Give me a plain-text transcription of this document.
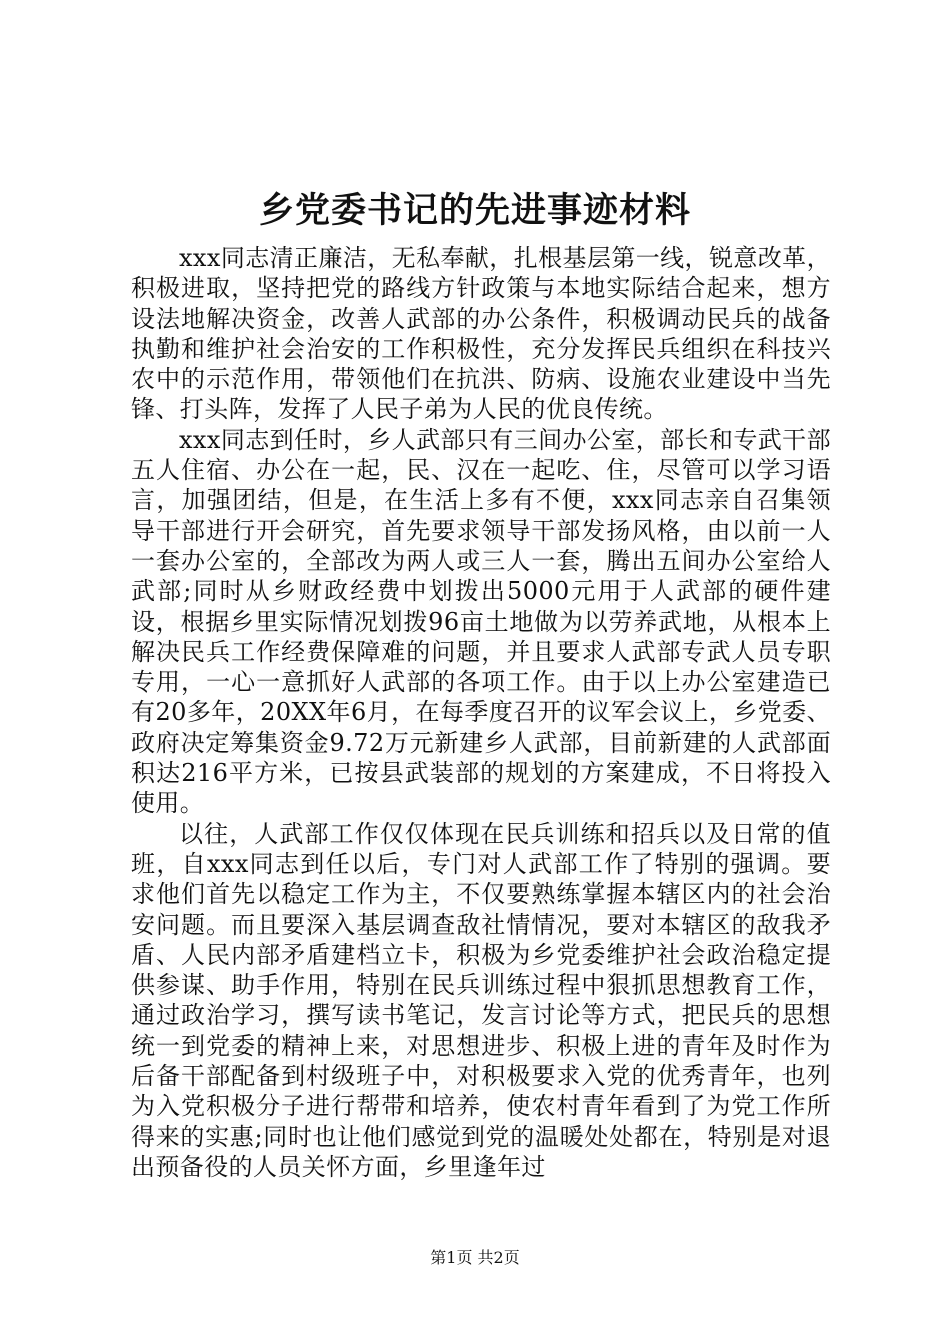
乡党委书记的先进事迹材料

xxx同志清正廉洁，无私奉献，扎根基层第一线，锐意改革，积极进取，坚持把党的路线方针政策与本地实际结合起来，想方设法地解决资金，改善人武部的办公条件，积极调动民兵的战备执勤和维护社会治安的工作积极性，充分发挥民兵组织在科技兴农中的示范作用，带领他们在抗洪、防病、设施农业建设中当先锋、打头阵，发挥了人民子弟为人民的优良传统。

xxx同志到任时，乡人武部只有三间办公室，部长和专武干部五人住宿、办公在一起，民、汉在一起吃、住，尽管可以学习语言，加强团结，但是，在生活上多有不便，xxx同志亲自召集领导干部进行开会研究，首先要求领导干部发扬风格，由以前一人一套办公室的，全部改为两人或三人一套，腾出五间办公室给人武部;同时从乡财政经费中划拨出5000元用于人武部的硬件建设，根据乡里实际情况划拨96亩土地做为以劳养武地，从根本上解决民兵工作经费保障难的问题，并且要求人武部专武人员专职专用，一心一意抓好人武部的各项工作。由于以上办公室建造已有20多年，20XX年6月，在每季度召开的议军会议上，乡党委、政府决定筹集资金9.72万元新建乡人武部，目前新建的人武部面积达216平方米，已按县武装部的规划的方案建成，不日将投入使用。

以往，人武部工作仅仅体现在民兵训练和招兵以及日常的值班，自xxx同志到任以后，专门对人武部工作了特别的强调。要求他们首先以稳定工作为主，不仅要熟练掌握本辖区内的社会治安问题。而且要深入基层调查敌社情情况，要对本辖区的敌我矛盾、人民内部矛盾建档立卡，积极为乡党委维护社会政治稳定提供参谋、助手作用，特别在民兵训练过程中狠抓思想教育工作，通过政治学习，撰写读书笔记，发言讨论等方式，把民兵的思想统一到党委的精神上来，对思想进步、积极上进的青年及时作为后备干部配备到村级班子中，对积极要求入党的优秀青年，也列为入党积极分子进行帮带和培养，使农村青年看到了为党工作所得来的实惠;同时也让他们感觉到党的温暖处处都在，特别是对退出预备役的人员关怀方面，乡里逢年过

第1页 共2页
